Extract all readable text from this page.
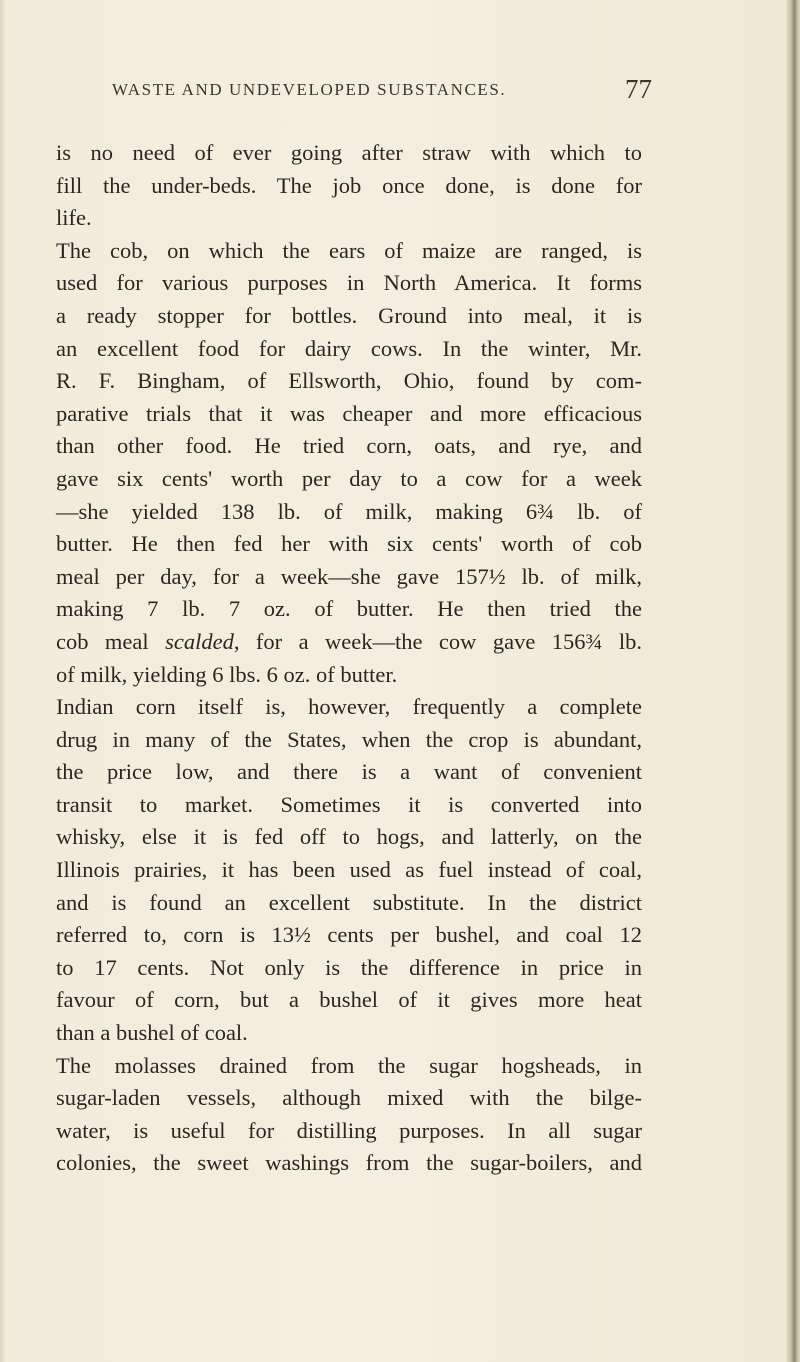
WASTE AND UNDEVELOPED SUBSTANCES.	77
is no need of ever going after straw with which to
fill the under-beds. The job once done, is done for
life.
The cob, on which the ears of maize are ranged, is
used for various purposes in North America. It forms
a ready stopper for bottles. Ground into meal, it is
an excellent food for dairy cows. In the winter, Mr.
R. F. Bingham, of Ellsworth, Ohio, found by com-
parative trials that it was cheaper and more efficacious
than other food. He tried corn, oats, and rye, and
gave six cents' worth per day to a cow for a week
—she yielded 138 lb. of milk, making 6¾ lb. of
butter. He then fed her with six cents' worth of cob
meal per day, for a week—she gave 157½ lb. of milk,
making 7 lb. 7 oz. of butter. He then tried the
cob meal scalded, for a week—the cow gave 156¾ lb.
of milk, yielding 6 lbs. 6 oz. of butter.
Indian corn itself is, however, frequently a complete
drug in many of the States, when the crop is abundant,
the price low, and there is a want of convenient
transit to market. Sometimes it is converted into
whisky, else it is fed off to hogs, and latterly, on the
Illinois prairies, it has been used as fuel instead of coal,
and is found an excellent substitute. In the district
referred to, corn is 13½ cents per bushel, and coal 12
to 17 cents. Not only is the difference in price in
favour of corn, but a bushel of it gives more heat
than a bushel of coal.
The molasses drained from the sugar hogsheads, in
sugar-laden vessels, although mixed with the bilge-
water, is useful for distilling purposes. In all sugar
colonies, the sweet washings from the sugar-boilers, and
